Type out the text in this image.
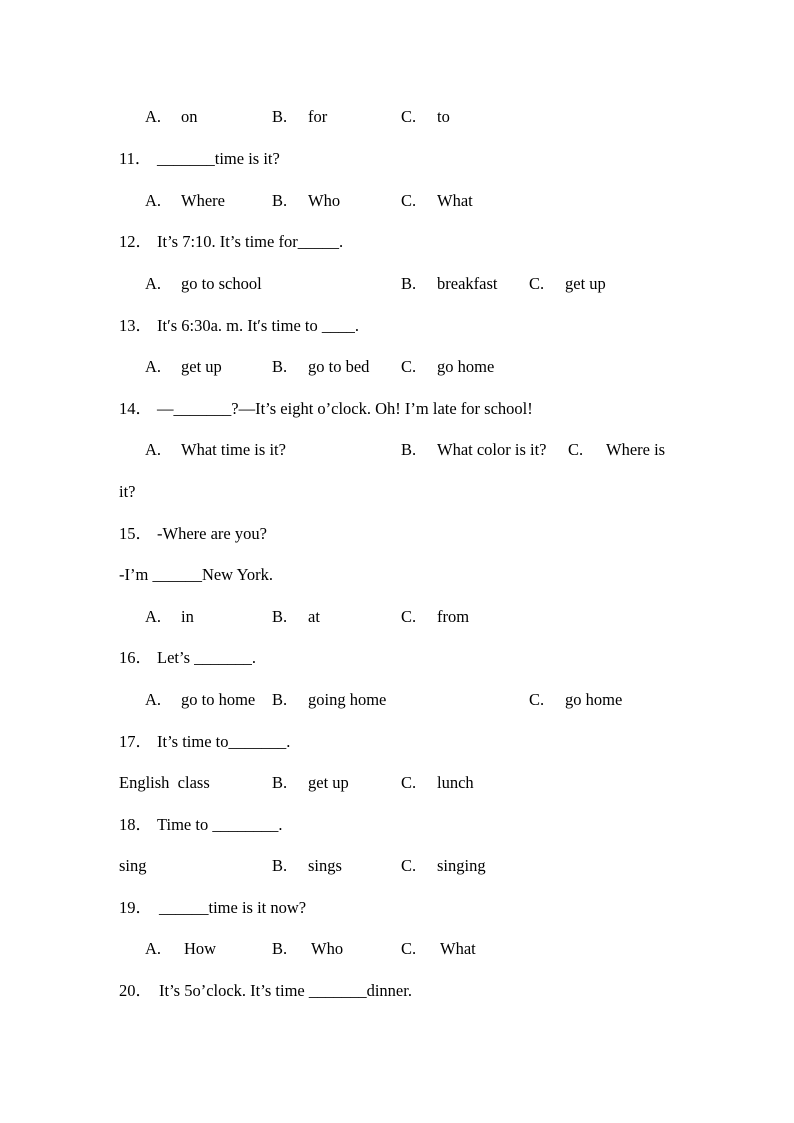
A. on	B. for	C. to
11． _______time is it?
A. Where	B. Who	C. What
12． It’s 7:10. It’s time for_____.
A. go to school	B. breakfast C. get up
13． It′s 6:30a. m. It′s time to ____.
A. get up	B. go to bed C. go home
14． —_______?—It’s eight o’clock. Oh! I’m late for school!
A. What time is it?	B. What color is it? C. Where is
it?
15． -Where are you?
-I’m ______New York.
A. in	B. at	C. from
16． Let’s _______.
A. go to home B. going home	C. go home
17． It’s time to_______.
English  class	B. get up	C. lunch
18． Time to ________.
sing	B. sings	C. singing
19． ______time is it now?
A. How	B. Who	C. What
20． It’s 5o’clock. It’s time _______dinner.
